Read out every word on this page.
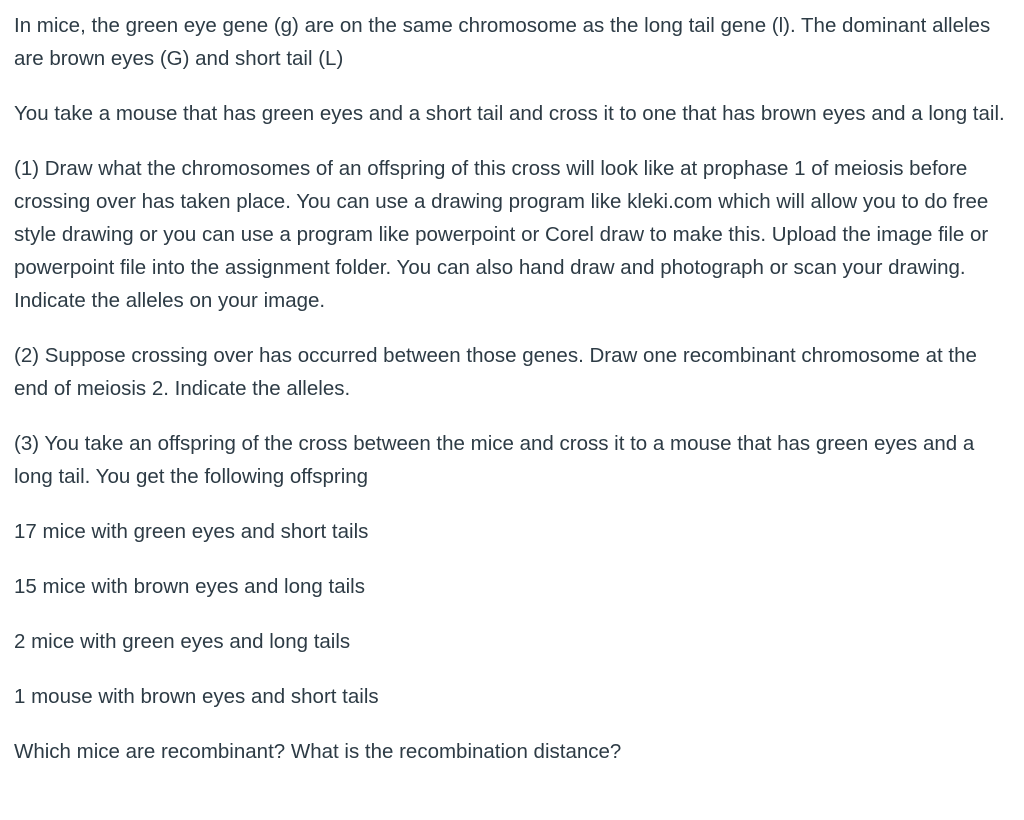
In mice, the green eye gene (g) are on the same chromosome as the long tail gene (l). The dominant alleles are brown eyes (G) and short tail (L)

You take a mouse that has green eyes and a short tail and cross it to one that has brown eyes and a long tail.

(1) Draw what the chromosomes of an offspring of this cross will look like at prophase 1 of meiosis before crossing over has taken place. You can use a drawing program like kleki.com which will allow you to do free style drawing or you can use a program like powerpoint or Corel draw to make this. Upload the image file or powerpoint file into the assignment folder. You can also hand draw and photograph or scan your drawing. Indicate the alleles on your image.

(2) Suppose crossing over has occurred between those genes. Draw one recombinant chromosome at the end of meiosis 2. Indicate the alleles.

(3) You take an offspring of the cross between the mice and cross it to a mouse that has green eyes and a long tail. You get the following offspring

17 mice with green eyes and short tails

15 mice with brown eyes and long tails

2 mice with green eyes and long tails

1 mouse with brown eyes and short tails

Which mice are recombinant? What is the recombination distance?
